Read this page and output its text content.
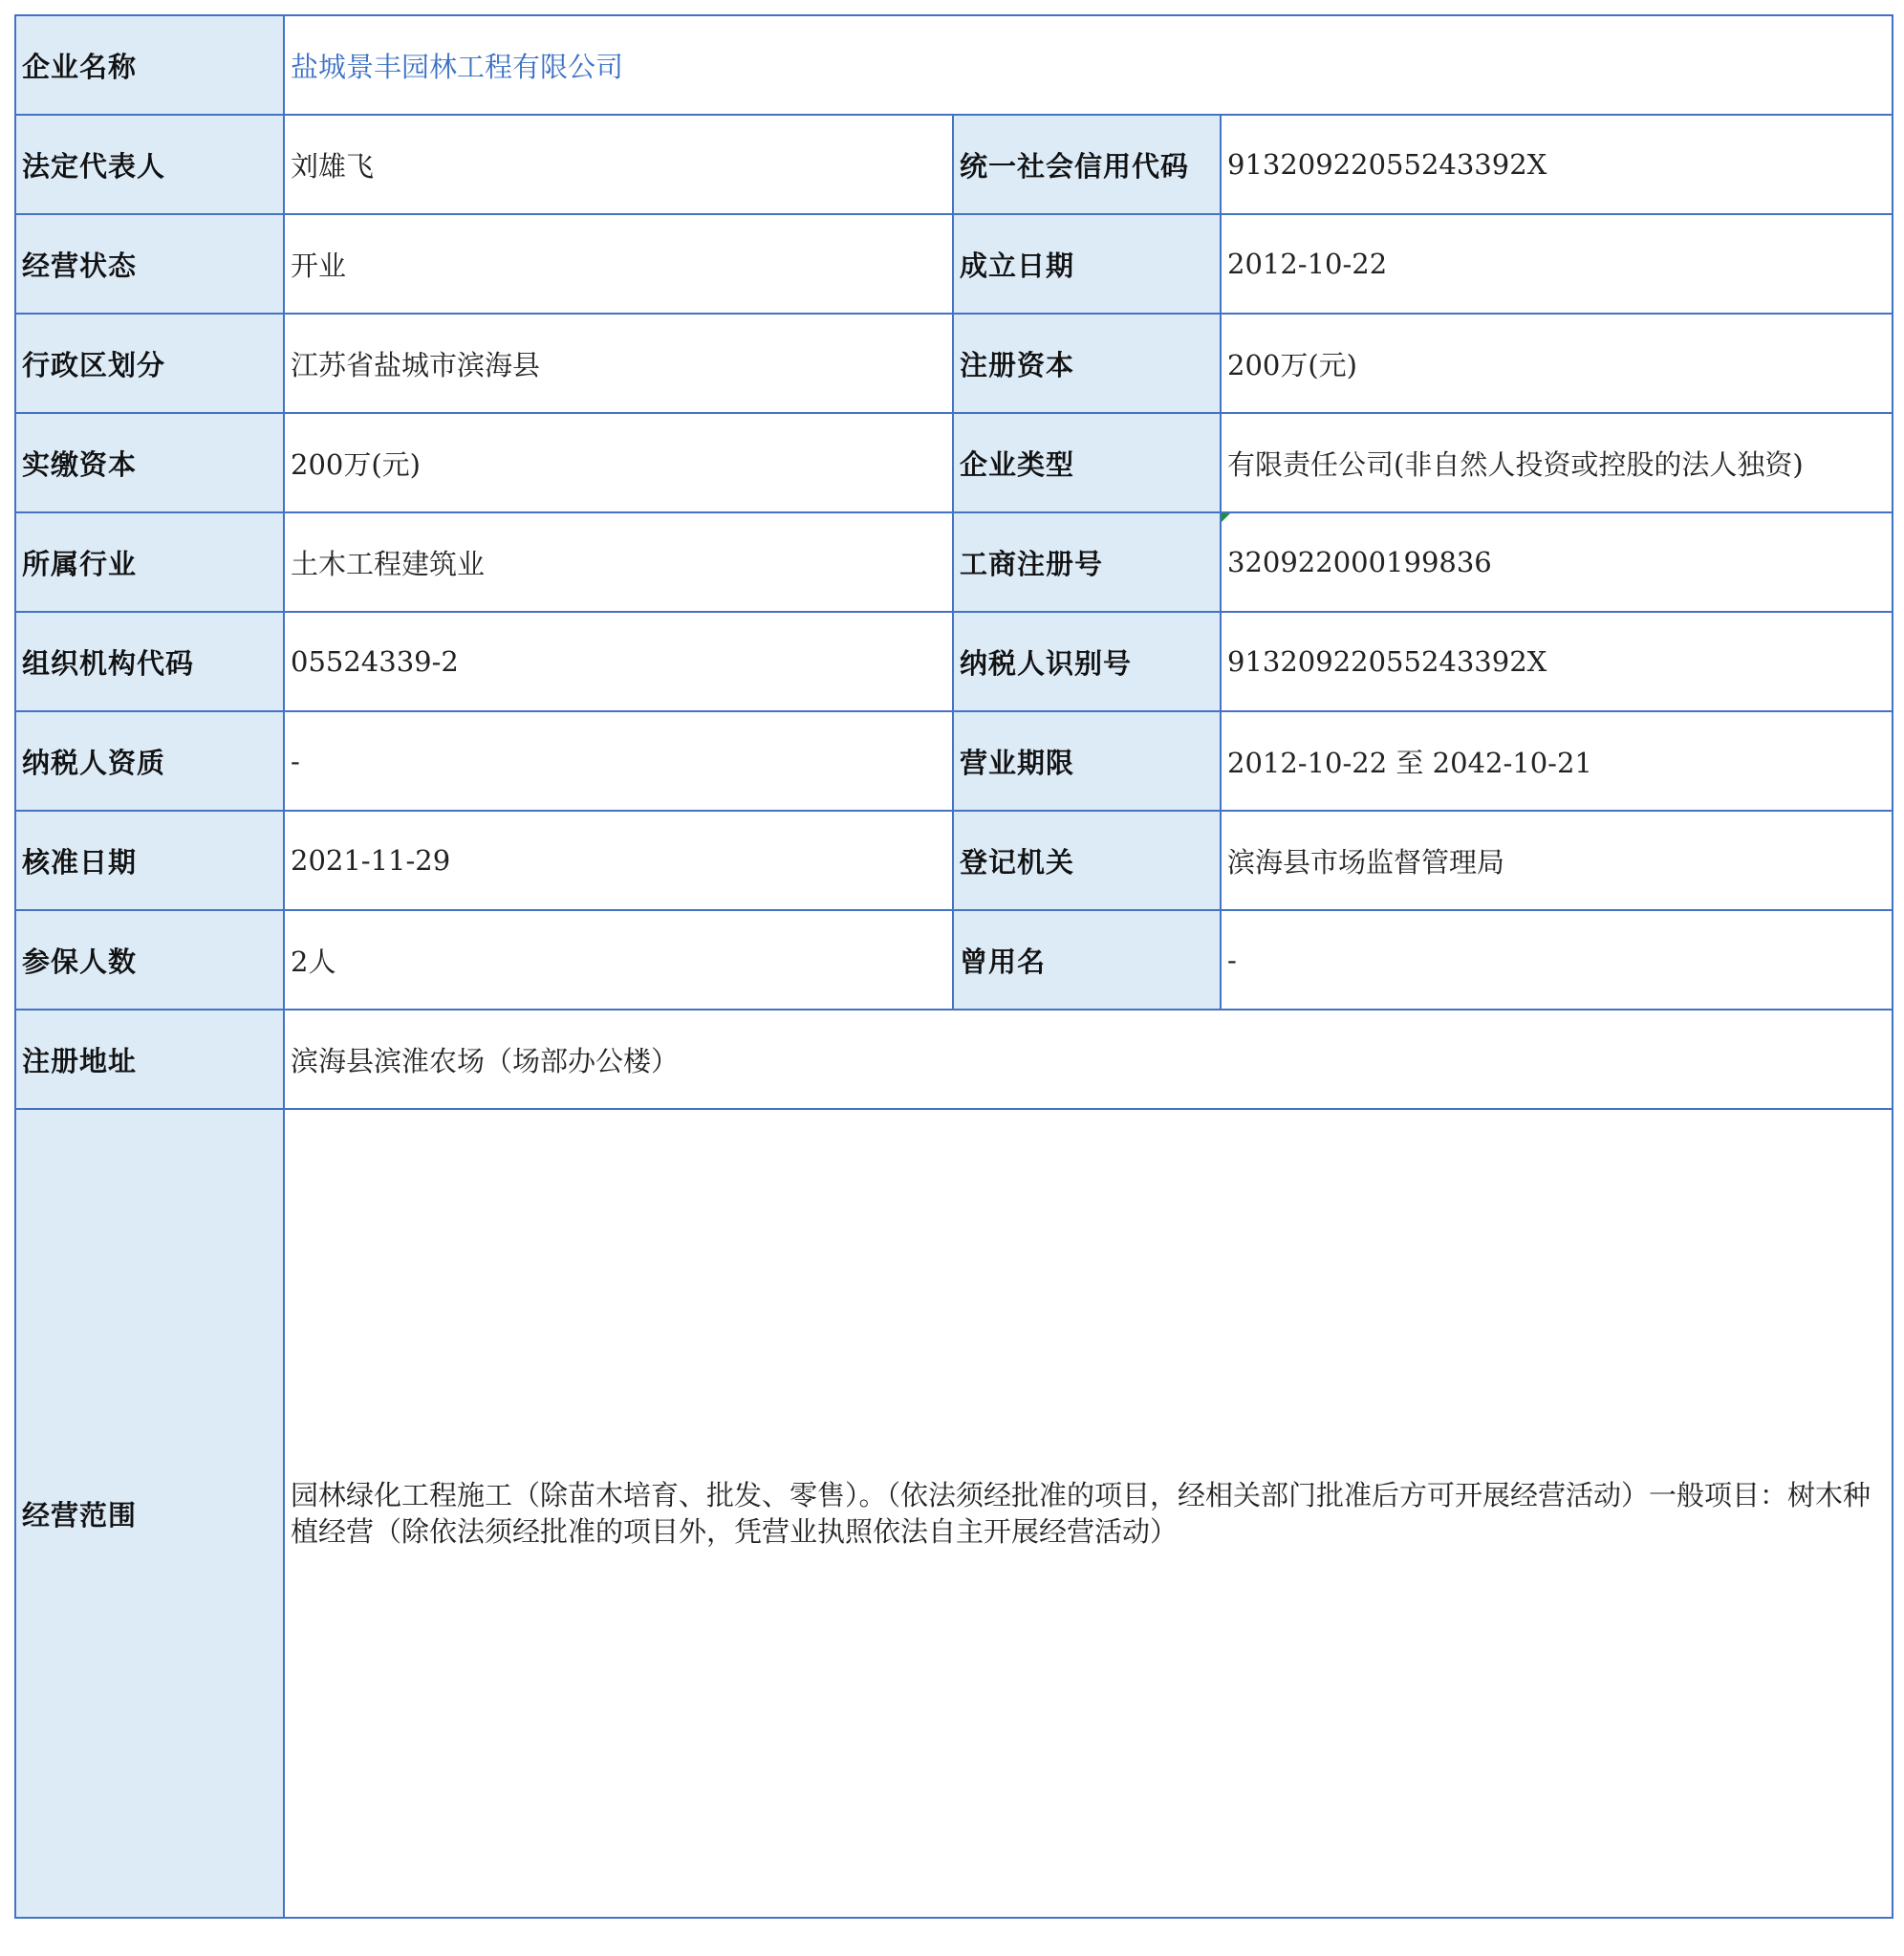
企业名称	盐城景丰园林工程有限公司		
法定代表人	刘雄飞	统一社会信用代码	91320922055243392X
经营状态	开业	成立日期	2012-10-22
行政区划分	江苏省盐城市滨海县	注册资本	200万(元)
实缴资本	200万(元)	企业类型	有限责任公司(非自然人投资或控股的法人独资)
所属行业	土木工程建筑业	工商注册号	320922000199836
组织机构代码	05524339-2	纳税人识别号	91320922055243392X
纳税人资质	-	营业期限	2012-10-22 至 2042-10-21
核准日期	2021-11-29	登记机关	滨海县市场监督管理局
参保人数	2人	曾用名	-
注册地址	滨海县滨淮农场（场部办公楼）		
经营范围	园林绿化工程施工（除苗木培育、批发、零售）。（依法须经批准的项目，经相关部门批准后方可开展经营活动）一般项目：树木种植经营（除依法须经批准的项目外，凭营业执照依法自主开展经营活动）		
